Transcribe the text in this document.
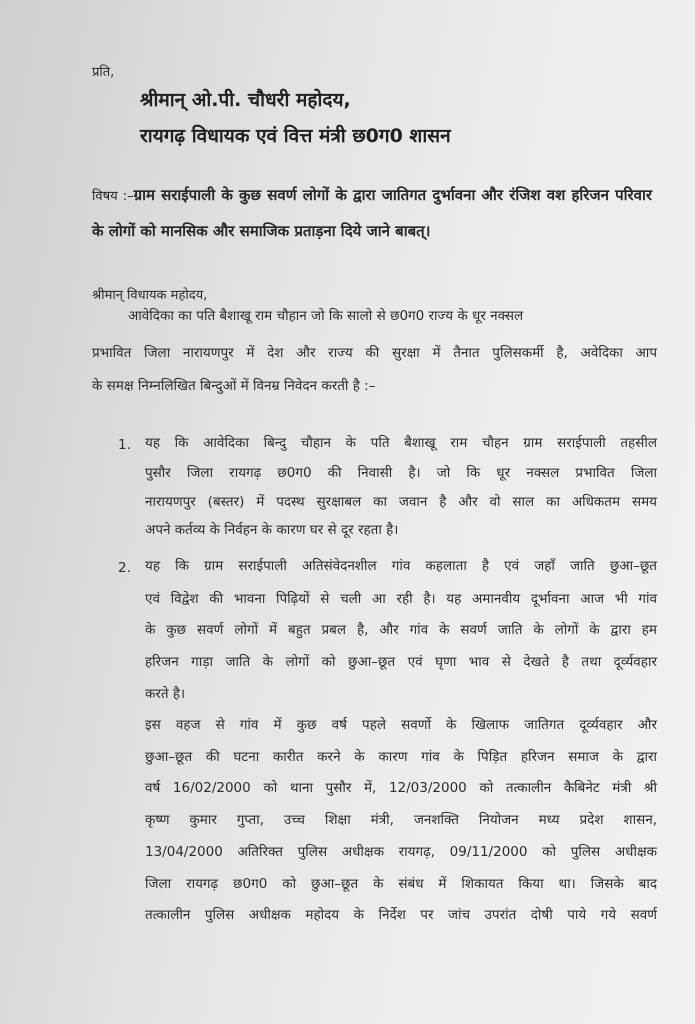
प्रति,
श्रीमान् ओ.पी. चौधरी महोदय,
रायगढ़ विधायक एवं वित्त मंत्री छ0ग0 शासन
विषय :–ग्राम सराईपाली के कुछ सवर्ण लोगों के द्वारा जातिगत दुर्भावना और रंजिश वश हरिजन परिवार के लोगों को मानसिक और समाजिक प्रताड़ना दिये जाने बाबत्।
श्रीमान् विधायक महोदय,
आवेदिका का पति बैशाखू राम चौहान जो कि सालो से छ0ग0 राज्य के धूर नक्सल
प्रभावित जिला नारायणपुर में देश और राज्य की सुरक्षा में तैनात पुलिसकर्मी है, अवेदिका आप
के समक्ष निम्नलिखित बिन्दुओं में विनम्र निवेदन करती है :–
1. यह कि आवेदिका बिन्दु चौहान के पति बैशाखू राम चौहन ग्राम सराईपाली तहसील
पुसौर जिला रायगढ़ छ0ग0 की निवासी है। जो कि धूर नक्सल प्रभावित जिला
नारायणपुर (बस्तर) में पदस्थ सुरक्षाबल का जवान है और वो साल का अधिकतम समय
अपने कर्तव्य के निर्वहन के कारण घर से दूर रहता है।
2. यह कि ग्राम सराईपाली अतिसंवेदनशील गांव कहलाता है एवं जहाँ जाति छुआ–छूत
एवं विद्वेश की भावना पिढ़ियों से चली आ रही है। यह अमानवीय दूर्भावना आज भी गांव
के कुछ सवर्ण लोगों में बहुत प्रबल है, और गांव के सवर्ण जाति के लोगों के द्वारा हम
हरिजन गाड़ा जाति के लोगों को छुआ–छूत एवं घृणा भाव से देखते है तथा दूर्व्यवहार
करते है।
इस वहज से गांव में कुछ वर्ष पहले सवर्णो के खिलाफ जातिगत दूर्व्यवहार और
छुआ–छूत की घटना कारीत करने के कारण गांव के पिड़ित हरिजन समाज के द्वारा
वर्ष 16/02/2000 को थाना पुसौर में, 12/03/2000 को तत्कालीन कैबिनेट मंत्री श्री
कृष्ण कुमार गुप्ता, उच्च शिक्षा मंत्री, जनशक्ति नियोजन मध्य प्रदेश शासन,
13/04/2000 अतिरिक्त पुलिस अधीक्षक रायगढ़, 09/11/2000 को पुलिस अधीक्षक
जिला रायगढ़ छ0ग0 को छुआ–छूत के संबंध में शिकायत किया था। जिसके बाद
तत्कालीन पुलिस अधीक्षक महोदय के निर्देश पर जांच उपरांत दोषी पाये गये सवर्ण
